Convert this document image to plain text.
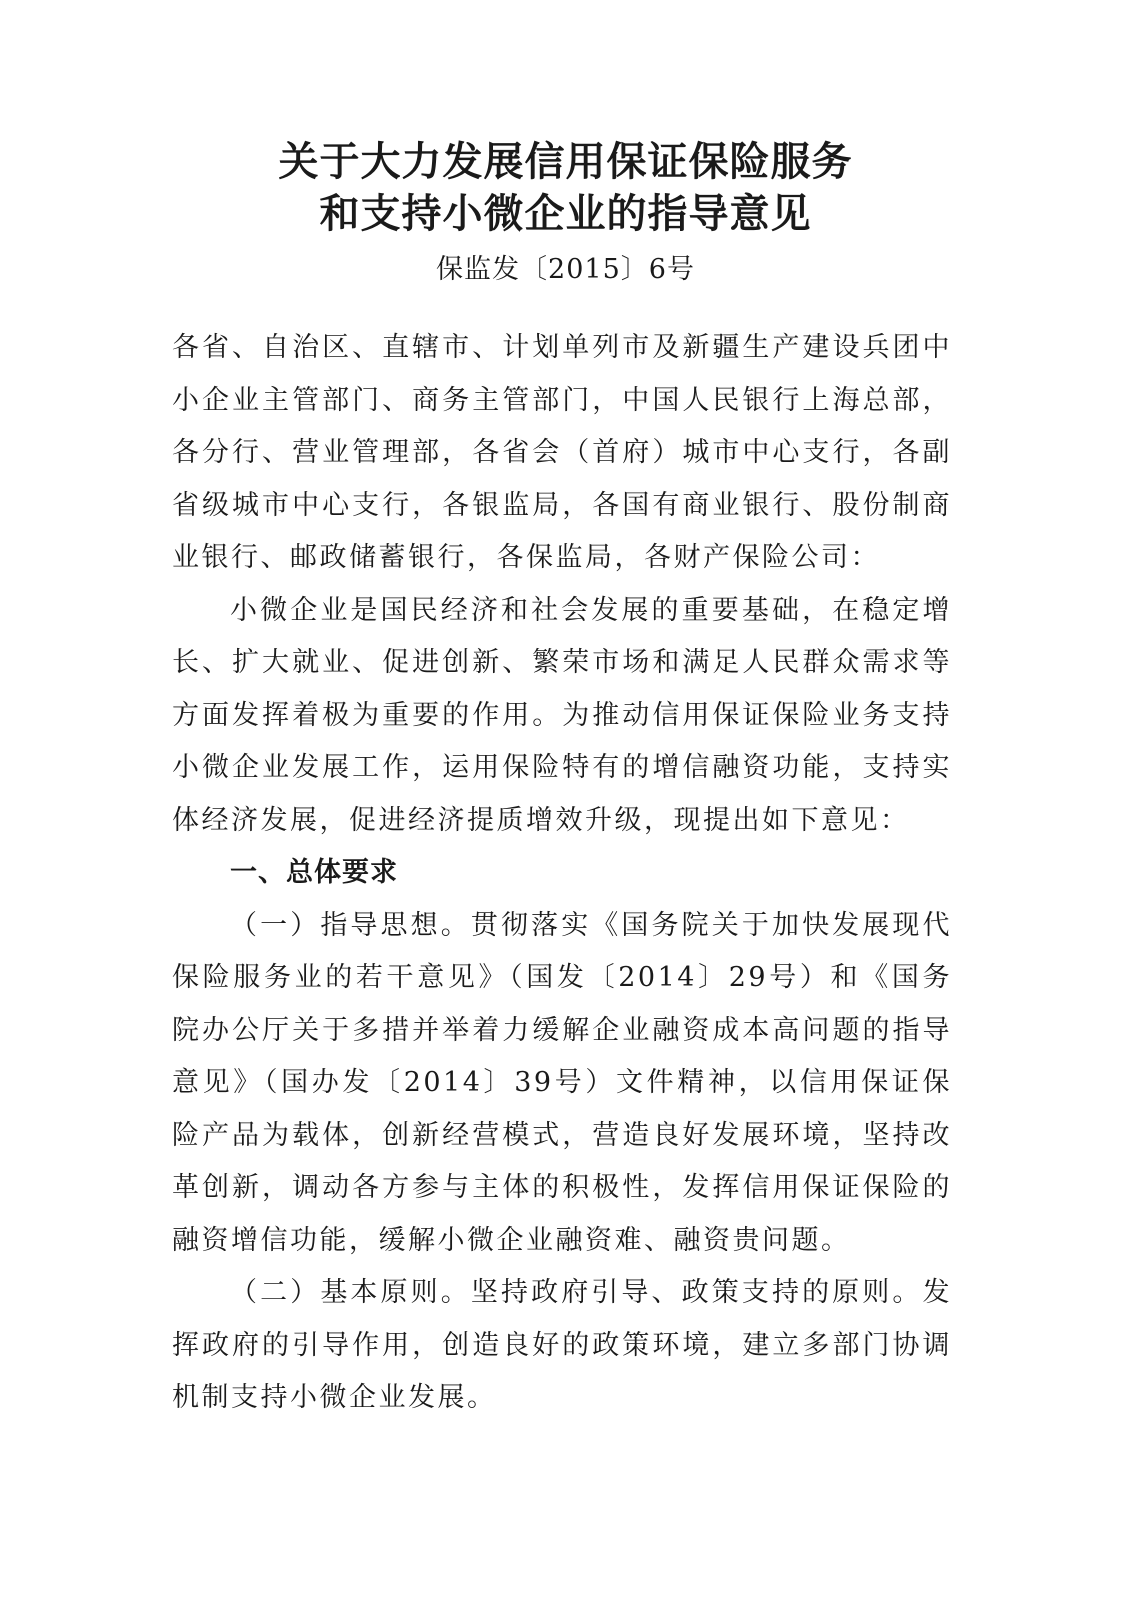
关于大力发展信用保证保险服务
和支持小微企业的指导意见
保监发〔2015〕6号

各省、自治区、直辖市、计划单列市及新疆生产建设兵团中小企业主管部门、商务主管部门，中国人民银行上海总部，各分行、营业管理部，各省会（首府）城市中心支行，各副省级城市中心支行，各银监局，各国有商业银行、股份制商业银行、邮政储蓄银行，各保监局，各财产保险公司：

小微企业是国民经济和社会发展的重要基础，在稳定增长、扩大就业、促进创新、繁荣市场和满足人民群众需求等方面发挥着极为重要的作用。为推动信用保证保险业务支持小微企业发展工作，运用保险特有的增信融资功能，支持实体经济发展，促进经济提质增效升级，现提出如下意见：

一、总体要求

（一）指导思想。贯彻落实《国务院关于加快发展现代保险服务业的若干意见》（国发〔2014〕29号）和《国务院办公厅关于多措并举着力缓解企业融资成本高问题的指导意见》（国办发〔2014〕39号）文件精神，以信用保证保险产品为载体，创新经营模式，营造良好发展环境，坚持改革创新，调动各方参与主体的积极性，发挥信用保证保险的融资增信功能，缓解小微企业融资难、融资贵问题。

（二）基本原则。坚持政府引导、政策支持的原则。发挥政府的引导作用，创造良好的政策环境，建立多部门协调机制支持小微企业发展。
